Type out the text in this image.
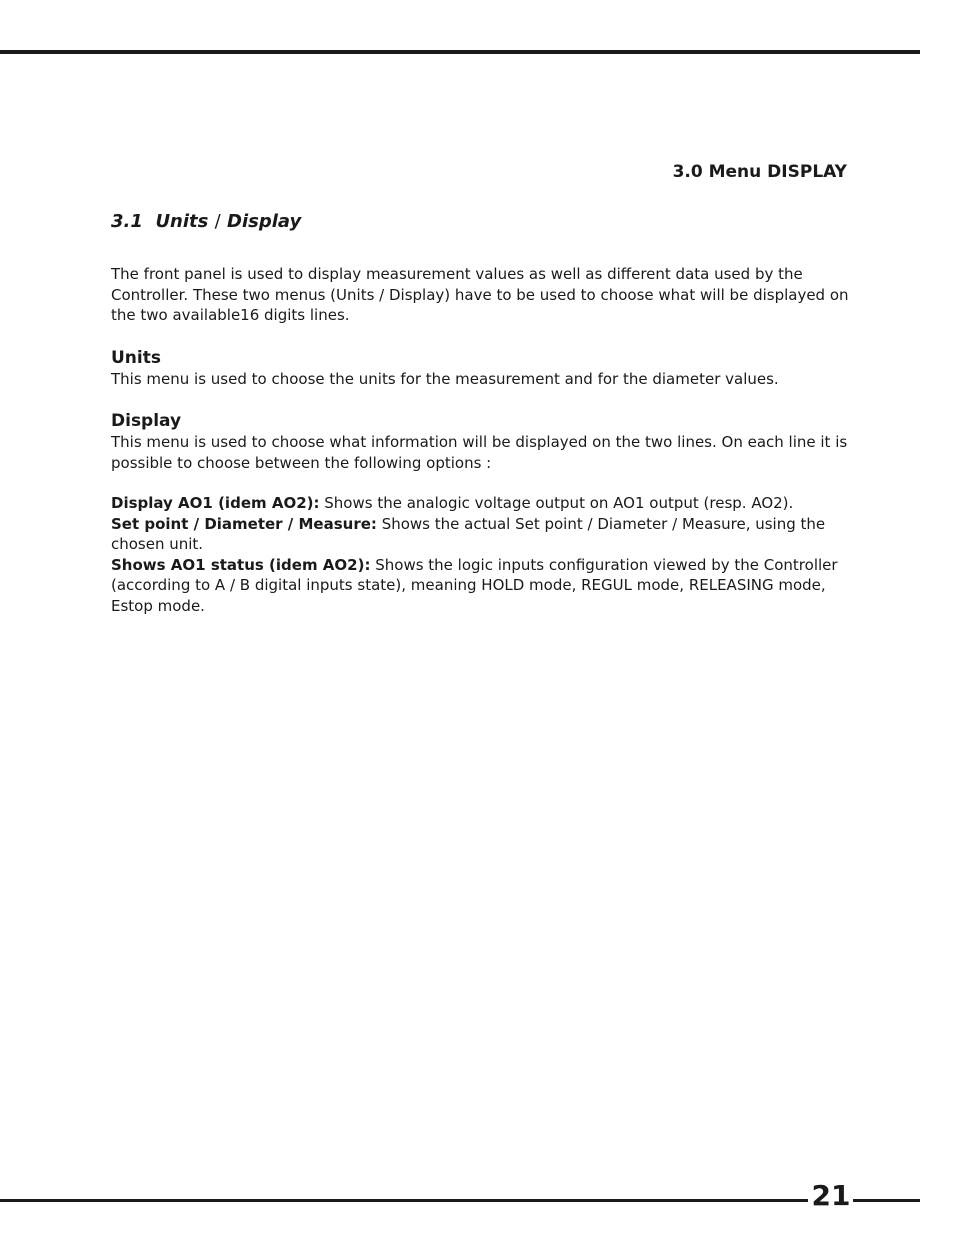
3.0 Menu DISPLAY

3.1 Units / Display

The front panel is used to display measurement values as well as different data used by the Controller. These two menus (Units / Display) have to be used to choose what will be displayed on the two available16 digits lines.

Units

This menu is used to choose the units for the measurement and for the diameter values.

Display

This menu is used to choose what information will be displayed on the two lines. On each line it is possible to choose between the following options :

Display AO1 (idem AO2): Shows the analogic voltage output on AO1 output (resp. AO2).

Set point / Diameter / Measure: Shows the actual Set point / Diameter / Measure, using the chosen unit.

Shows AO1 status (idem AO2): Shows the logic inputs configuration viewed by the Controller (according to A / B digital inputs state), meaning HOLD mode, REGUL mode, RELEASING mode, Estop mode.

21
